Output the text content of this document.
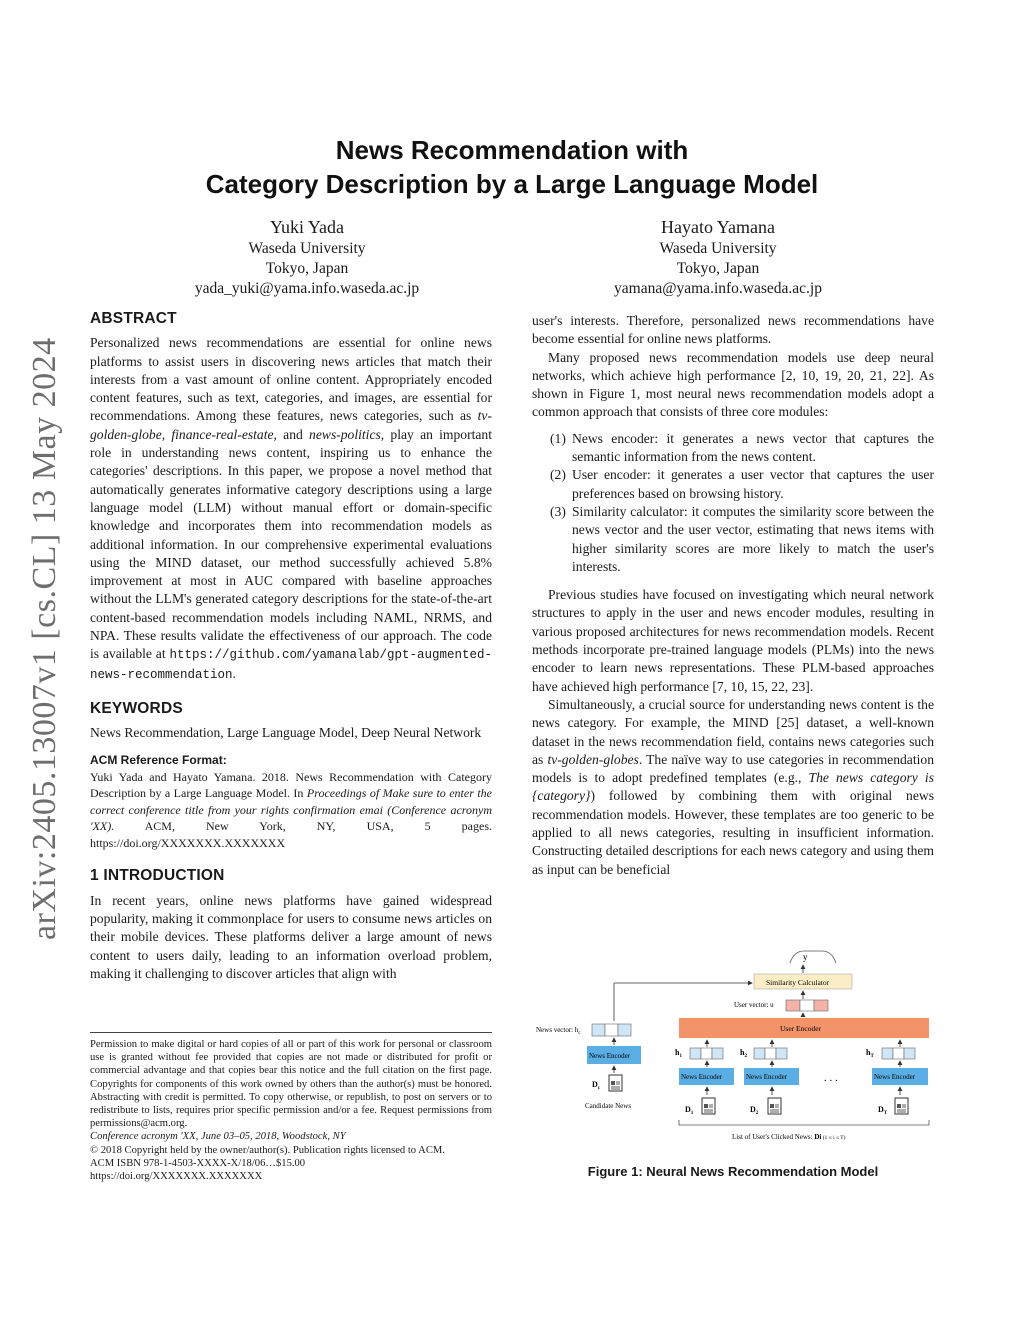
arXiv:2405.13007v1 [cs.CL] 13 May 2024
News Recommendation with
Category Description by a Large Language Model
Yuki Yada
Waseda University
Tokyo, Japan
yada_yuki@yama.info.waseda.ac.jp
Hayato Yamana
Waseda University
Tokyo, Japan
yamana@yama.info.waseda.ac.jp
ABSTRACT

Personalized news recommendations are essential for online news platforms to assist users in discovering news articles that match their interests from a vast amount of online content. Appropriately encoded content features, such as text, categories, and images, are essential for recommendations. Among these features, news categories, such as tv-golden-globe, finance-real-estate, and news-politics, play an important role in understanding news content, inspiring us to enhance the categories' descriptions. In this paper, we propose a novel method that automatically generates informative category descriptions using a large language model (LLM) without manual effort or domain-specific knowledge and incorporates them into recommendation models as additional information. In our comprehensive experimental evaluations using the MIND dataset, our method successfully achieved 5.8% improvement at most in AUC compared with baseline approaches without the LLM's generated category descriptions for the state-of-the-art content-based recommendation models including NAML, NRMS, and NPA. These results validate the effectiveness of our approach. The code is available at https://github.com/yamanalab/gpt-augmented-news-recommendation.

KEYWORDS

News Recommendation, Large Language Model, Deep Neural Network

ACM Reference Format:

Yuki Yada and Hayato Yamana. 2018. News Recommendation with Category Description by a Large Language Model. In Proceedings of Make sure to enter the correct conference title from your rights confirmation emai (Conference acronym 'XX). ACM, New York, NY, USA, 5 pages. https://doi.org/XXXXXXX.XXXXXXX

1 INTRODUCTION

In recent years, online news platforms have gained widespread popularity, making it commonplace for users to consume news articles on their mobile devices. These platforms deliver a large amount of news content to users daily, leading to an information overload problem, making it challenging to discover articles that align with

user's interests. Therefore, personalized news recommendations have become essential for online news platforms.

Many proposed news recommendation models use deep neural networks, which achieve high performance [2, 10, 19, 20, 21, 22]. As shown in Figure 1, most neural news recommendation models adopt a common approach that consists of three core modules:

(1) News encoder: it generates a news vector that captures the semantic information from the news content.
(2) User encoder: it generates a user vector that captures the user preferences based on browsing history.
(3) Similarity calculator: it computes the similarity score between the news vector and the user vector, estimating that news items with higher similarity scores are more likely to match the user's interests.

Previous studies have focused on investigating which neural network structures to apply in the user and news encoder modules, resulting in various proposed architectures for news recommendation models. Recent methods incorporate pre-trained language models (PLMs) into the news encoder to learn news representations. These PLM-based approaches have achieved high performance [7, 10, 15, 22, 23].

Simultaneously, a crucial source for understanding news content is the news category. For example, the MIND [25] dataset, a well-known dataset in the news recommendation field, contains news categories such as tv-golden-globes. The naïve way to use categories in recommendation models is to adopt predefined templates (e.g., The news category is {category}) followed by combining them with original news recommendation models. However, these templates are too generic to be applied to all news categories, resulting in insufficient information. Constructing detailed descriptions for each news category and using them as input can be beneficial

Permission to make digital or hard copies of all or part of this work for personal or classroom use is granted without fee provided that copies are not made or distributed for profit or commercial advantage and that copies bear this notice and the full citation on the first page. Copyrights for components of this work owned by others than the author(s) must be honored. Abstracting with credit is permitted. To copy otherwise, or republish, to post on servers or to redistribute to lists, requires prior specific permission and/or a fee. Request permissions from permissions@acm.org.

Conference acronym 'XX, June 03–05, 2018, Woodstock, NY

© 2018 Copyright held by the owner/author(s). Publication rights licensed to ACM.

ACM ISBN 978-1-4503-XXXX-X/18/06…$15.00

https://doi.org/XXXXXXX.XXXXXXX

y
Similarity Calculator
User vector: u
User Encoder
News vector: $h_c$
News Encoder
$D_c$
Candidate News
$h_1$
News Encoder
$D_1$
$h_2$
News Encoder
$D_2$
. . .
$h_T$
News Encoder
$D_T$
List of User's Clicked News: Di (1 ≤ i ≤ T)
Figure 1: Neural News Recommendation Model
